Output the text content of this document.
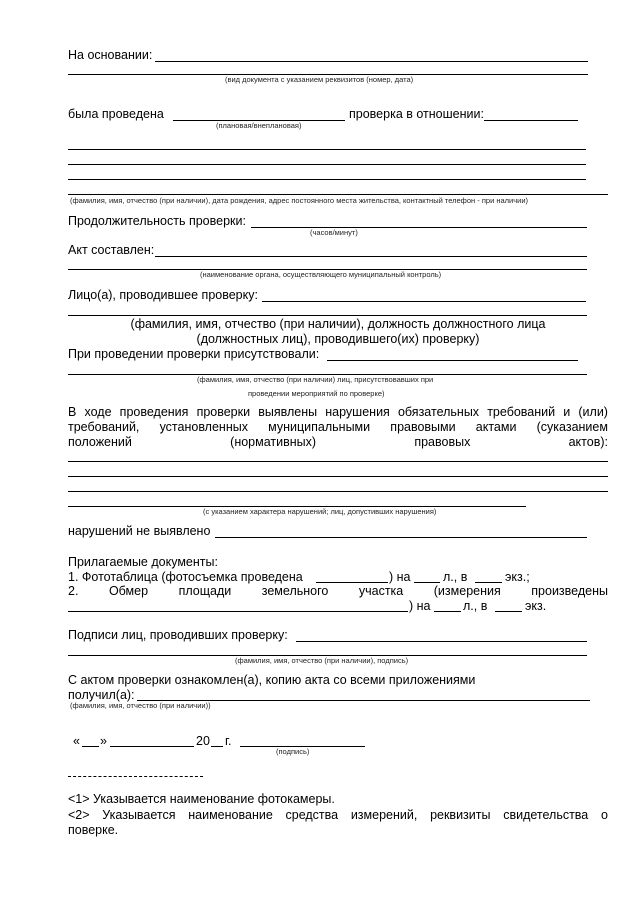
На основании:
(вид документа с указанием реквизитов (номер, дата)
была проведена
(плановая/внеплановая)
проверка в отношении:
(фамилия, имя, отчество (при наличии), дата рождения, адрес постоянного места жительства, контактный телефон - при наличии)
Продолжительность проверки:
(часов/минут)
Акт составлен:
(наименование органа, осуществляющего муниципальный контроль)
Лицо(а), проводившее проверку:
(фамилия, имя, отчество (при наличии), должность должностного лица
(должностных лиц), проводившего(их) проверку)
При проведении проверки присутствовали:
(фамилия, имя, отчество (при наличии) лиц, присутствовавших при
проведении мероприятий по проверке)
В ходе проведения проверки выявлены нарушения обязательных требований и (или)
требований, установленных муниципальными правовыми актами (суказанием
положений	(нормативных)	правовых	актов):
(с указанием характера нарушений; лиц, допустивших нарушения)
нарушений не выявлено
Прилагаемые документы:
1. Фототаблица (фотосъемка проведена	) на	л., в	экз.;
2. Обмер площади земельного участка (измерения произведены
) на	л., в	экз.
Подписи лиц, проводивших проверку:
(фамилия, имя, отчество (при наличии), подпись)
С актом проверки ознакомлен(а), копию акта со всеми приложениями
получил(а):
(фамилия, имя, отчество (при наличии))
« »	20 г.
(подпись)
<1> Указывается наименование фотокамеры.
<2> Указывается наименование средства измерений, реквизиты свидетельства о
поверке.
